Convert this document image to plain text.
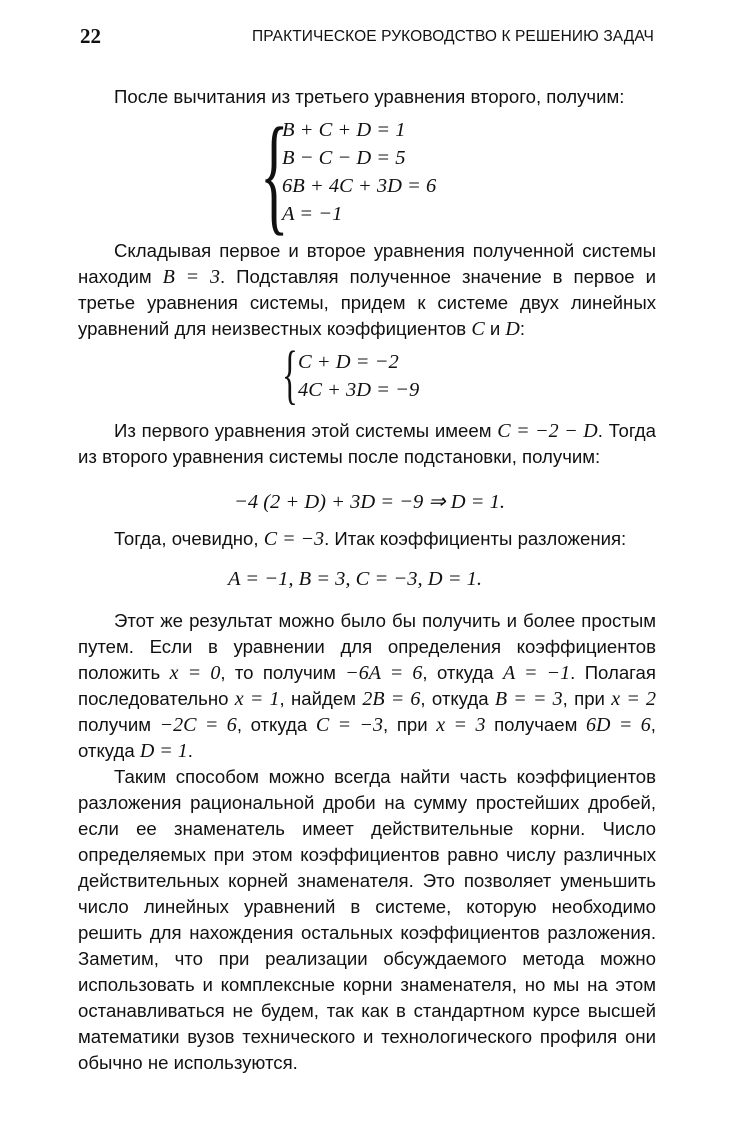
22	ПРАКТИЧЕСКОЕ РУКОВОДСТВО К РЕШЕНИЮ ЗАДАЧ

После вычитания из третьего уравнения второго, получим:

{
B + C + D = 1
B − C − D = 5
6B + 4C + 3D = 6
A = −1

Складывая первое и второе уравнения полученной системы находим B = 3. Подставляя полученное значение в первое и третье уравнения системы, придем к системе двух линейных уравнений для неизвестных коэффициентов C и D:

{ C + D = −2
4C + 3D = −9

Из первого уравнения этой системы имеем C = −2 − D. Тогда из второго уравнения системы после подстановки, получим:

−4 (2 + D) + 3D = −9 ⇒ D = 1.

Тогда, очевидно, C = −3. Итак коэффициенты разложения:

A = −1, B = 3, C = −3, D = 1.

Этот же результат можно было бы получить и более простым путем. Если в уравнении для определения коэффициентов положить x = 0, то получим −6A = 6, откуда A = −1. Полагая последовательно x = 1, найдем 2B = 6, откуда B = = 3, при x = 2 получим −2C = 6, откуда C = −3, при x = 3 получаем 6D = 6, откуда D = 1.

Таким способом можно всегда найти часть коэффициентов разложения рациональной дроби на сумму простейших дробей, если ее знаменатель имеет действительные корни. Число определяемых при этом коэффициентов равно числу различных действительных корней знаменателя. Это позволяет уменьшить число линейных уравнений в системе, которую необходимо решить для нахождения остальных коэффициентов разложения. Заметим, что при реализации обсуждаемого метода можно использовать и комплексные корни знаменателя, но мы на этом останавливаться не будем, так как в стандартном курсе высшей математики вузов технического и технологического профиля они обычно не используются.
